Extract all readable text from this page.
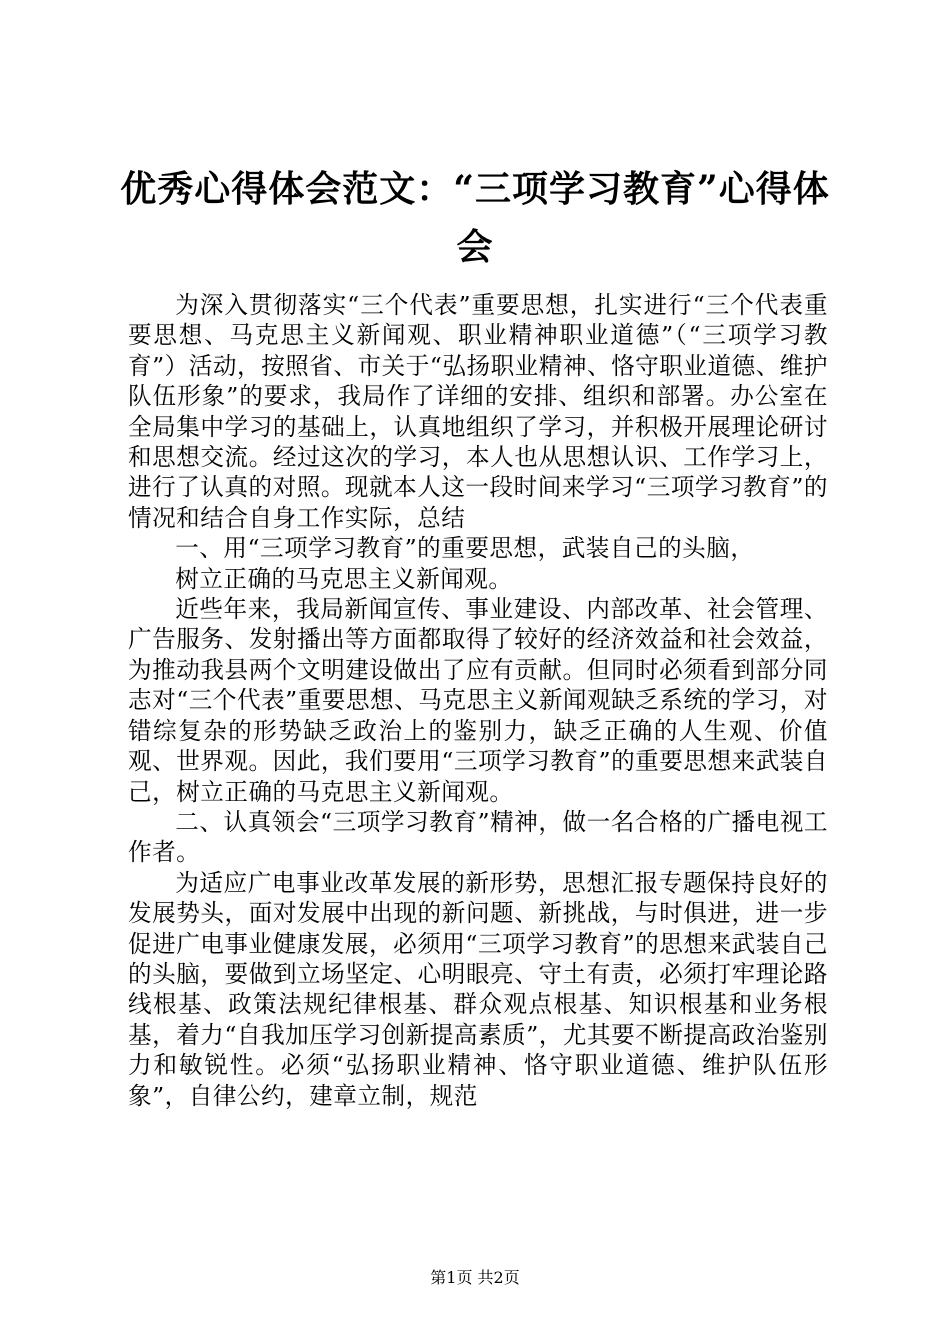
优秀心得体会范文：“三项学习教育”心得体会

为深入贯彻落实“三个代表”重要思想，扎实进行“三个代表重要思想、马克思主义新闻观、职业精神职业道德”（“三项学习教育”）活动，按照省、市关于“弘扬职业精神、恪守职业道德、维护队伍形象”的要求，我局作了详细的安排、组织和部署。办公室在全局集中学习的基础上，认真地组织了学习，并积极开展理论研讨和思想交流。经过这次的学习，本人也从思想认识、工作学习上，进行了认真的对照。现就本人这一段时间来学习“三项学习教育”的情况和结合自身工作实际，总结

一、用“三项学习教育”的重要思想，武装自己的头脑，

树立正确的马克思主义新闻观。

近些年来，我局新闻宣传、事业建设、内部改革、社会管理、广告服务、发射播出等方面都取得了较好的经济效益和社会效益，为推动我县两个文明建设做出了应有贡献。但同时必须看到部分同志对“三个代表”重要思想、马克思主义新闻观缺乏系统的学习，对错综复杂的形势缺乏政治上的鉴别力，缺乏正确的人生观、价值观、世界观。因此，我们要用“三项学习教育”的重要思想来武装自己，树立正确的马克思主义新闻观。

二、认真领会“三项学习教育”精神，做一名合格的广播电视工作者。

为适应广电事业改革发展的新形势，思想汇报专题保持良好的发展势头，面对发展中出现的新问题、新挑战，与时俱进，进一步促进广电事业健康发展，必须用“三项学习教育”的思想来武装自己的头脑，要做到立场坚定、心明眼亮、守土有责，必须打牢理论路线根基、政策法规纪律根基、群众观点根基、知识根基和业务根基，着力“自我加压学习创新提高素质”，尤其要不断提高政治鉴别力和敏锐性。必须“弘扬职业精神、恪守职业道德、维护队伍形象”，自律公约，建章立制，规范

第1页 共2页
